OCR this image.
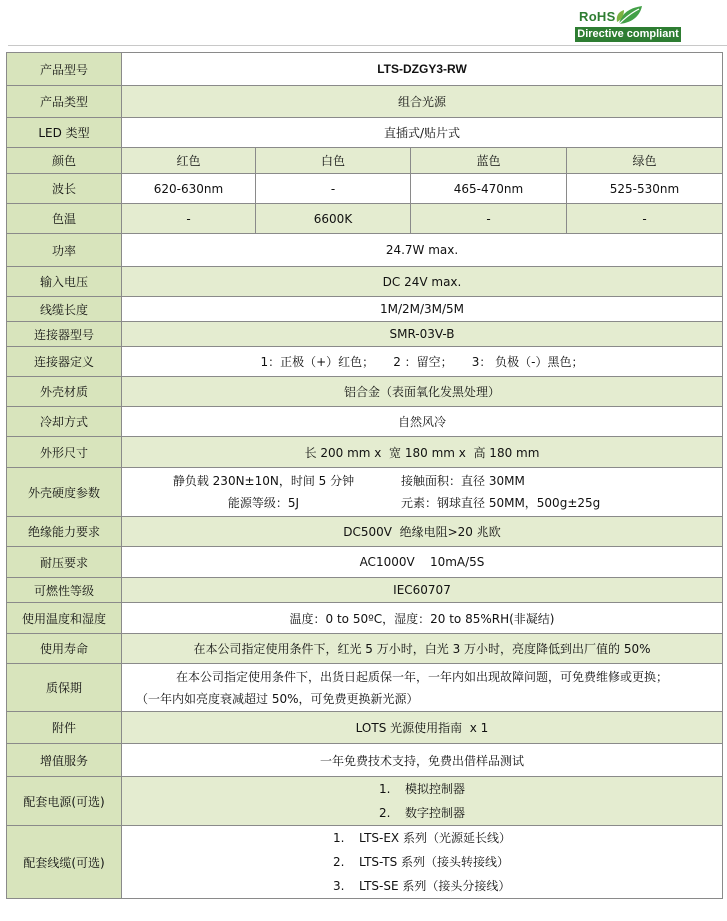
RoHS
Directive compliant
产品型号	LTS-DZGY3-RW			
产品类型	组合光源			
LED 类型	直插式/贴片式			
颜色	红色	白色	蓝色	绿色
波长	620-630nm	-	465-470nm	525-530nm
色温	-	6600K	-	-
功率	24.7W max.			
输入电压	DC 24V max.			
线缆长度	1M/2M/3M/5M			
连接器型号	SMR-03V-B			
连接器定义	1：正极（+）红色；     2 ：留空；     3： 负极（-）黑色；			
外壳材质	铝合金（表面氧化发黑处理）			
冷却方式	自然风冷			
外形尺寸	长 200 mm x  宽 180 mm x  高 180 mm			
外壳硬度参数	静负载 230N±10N，时间 5 分钟 接触面积：直径 30MM
能源等级：5J 元素：钢球直径 50MM，500g±25g			

绝缘能力要求	DC500V  绝缘电阻>20 兆欧			
耐压要求	AC1000V    10mA/5S			
可燃性等级	IEC60707			
使用温度和湿度	温度：0 to 50ºC，湿度：20 to 85%RH(非凝结)			
使用寿命	在本公司指定使用条件下，红光 5 万小时，白光 3 万小时，亮度降低到出厂值的 50%			
质保期	在本公司指定使用条件下，出货日起质保一年，一年内如出现故障问题，可免费维修或更换；
（一年内如亮度衰减超过 50%，可免费更换新光源）			

附件	LOTS 光源使用指南  x 1			
增值服务	一年免费技术支持，免费出借样品测试			
配套电源(可选)	1. 模拟控制器
2. 数字控制器			

配套线缆(可选)	1. LTS-EX 系列（光源延长线）
2. LTS-TS 系列（接头转接线）
3. LTS-SE 系列（接头分接线）			
